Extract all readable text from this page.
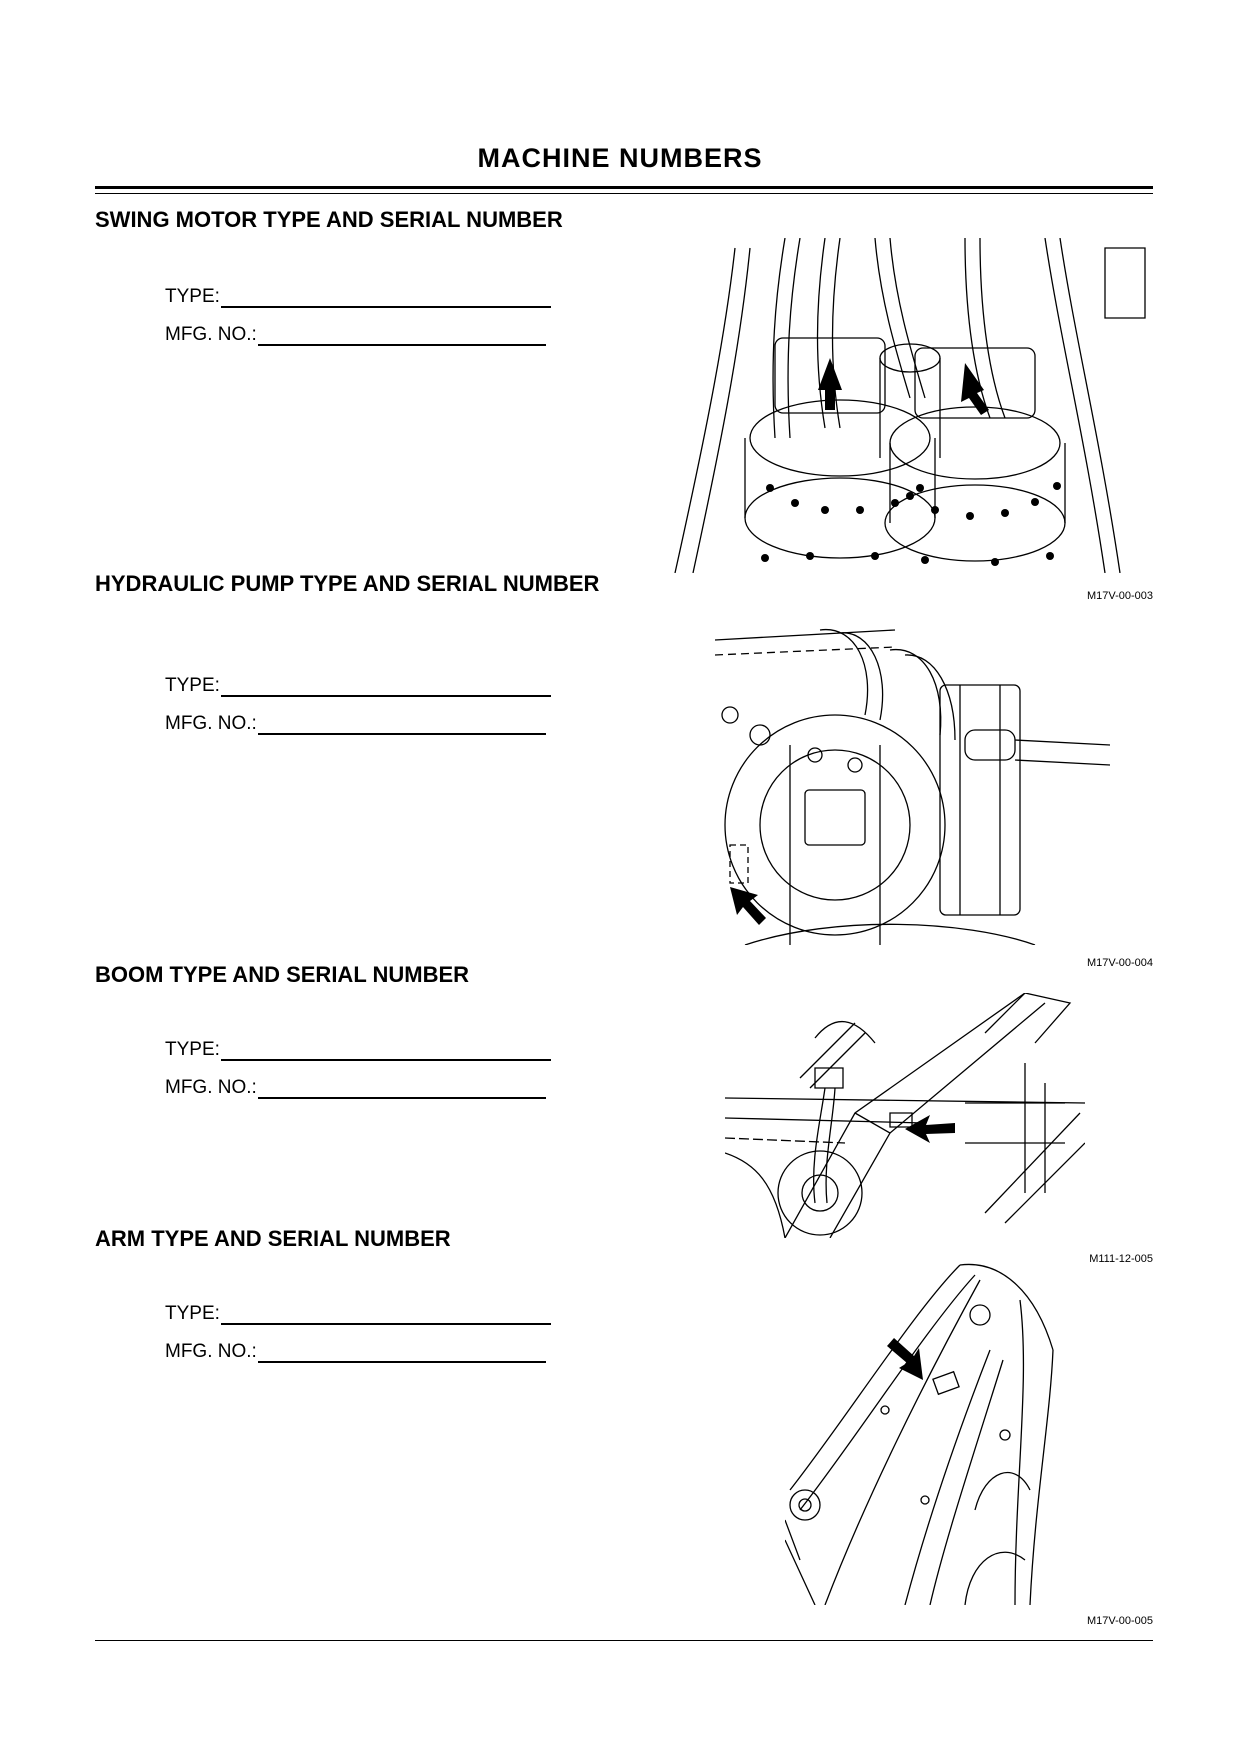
MACHINE NUMBERS
SWING MOTOR TYPE AND SERIAL NUMBER
TYPE:
MFG. NO.:
HYDRAULIC PUMP TYPE AND SERIAL NUMBER
TYPE:
MFG. NO.:
BOOM TYPE AND SERIAL NUMBER
TYPE:
MFG. NO.:
ARM TYPE AND SERIAL NUMBER
TYPE:
MFG. NO.:
M17V-00-003
M17V-00-004
M111-12-005
M17V-00-005
